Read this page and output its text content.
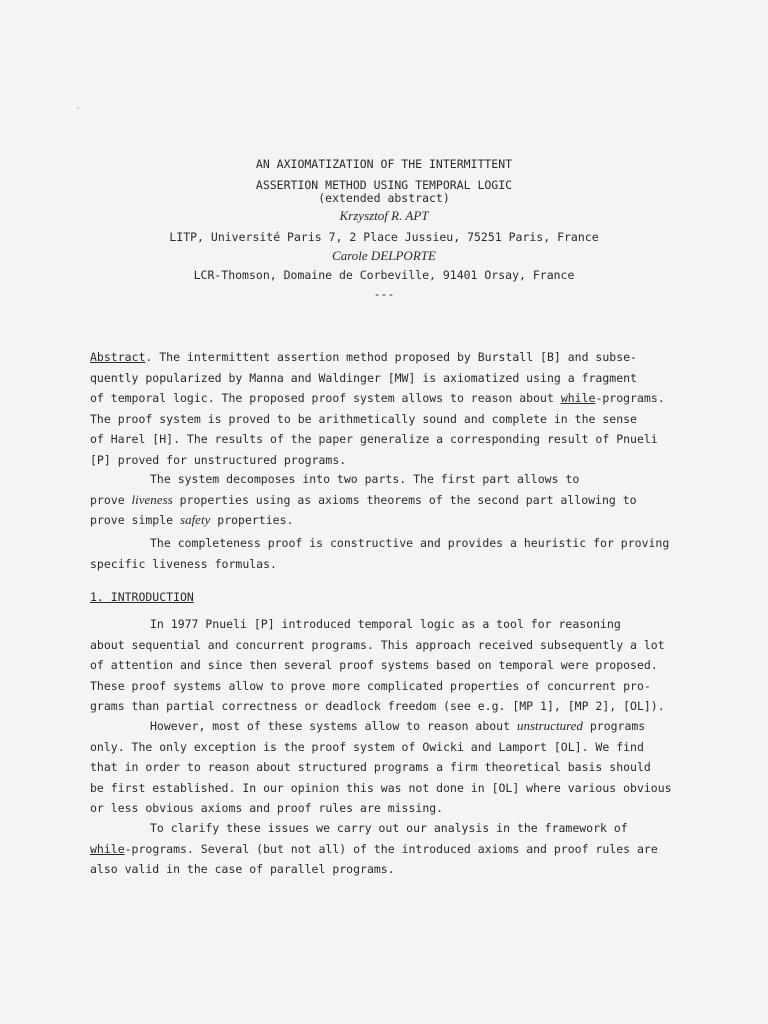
AN AXIOMATIZATION OF THE INTERMITTENT
ASSERTION METHOD USING TEMPORAL LOGIC
(extended abstract)
Krzysztof R. APT
LITP, Université Paris 7, 2 Place Jussieu, 75251 Paris, France
Carole DELPORTE
LCR-Thomson, Domaine de Corbeville, 91401 Orsay, France
---
Abstract. The intermittent assertion method proposed by Burstall [B] and subse-
quently popularized by Manna and Waldinger [MW] is axiomatized using a fragment
of temporal logic. The proposed proof system allows to reason about while-programs.
The proof system is proved to be arithmetically sound and complete in the sense
of Harel [H]. The results of the paper generalize a corresponding result of Pnueli
[P] proved for unstructured programs.
The system decomposes into two parts. The first part allows to
prove liveness properties using as axioms theorems of the second part allowing to
prove simple safety properties.
The completeness proof is constructive and provides a heuristic for proving
specific liveness formulas.
1. INTRODUCTION
In 1977 Pnueli [P] introduced temporal logic as a tool for reasoning
about sequential and concurrent programs. This approach received subsequently a lot
of attention and since then several proof systems based on temporal were proposed.
These proof systems allow to prove more complicated properties of concurrent pro-
grams than partial correctness or deadlock freedom (see e.g. [MP 1], [MP 2], [OL]).
However, most of these systems allow to reason about unstructured programs
only. The only exception is the proof system of Owicki and Lamport [OL]. We find
that in order to reason about structured programs a firm theoretical basis should
be first established. In our opinion this was not done in [OL] where various obvious
or less obvious axioms and proof rules are missing.
To clarify these issues we carry out our analysis in the framework of
while-programs. Several (but not all) of the introduced axioms and proof rules are
also valid in the case of parallel programs.
